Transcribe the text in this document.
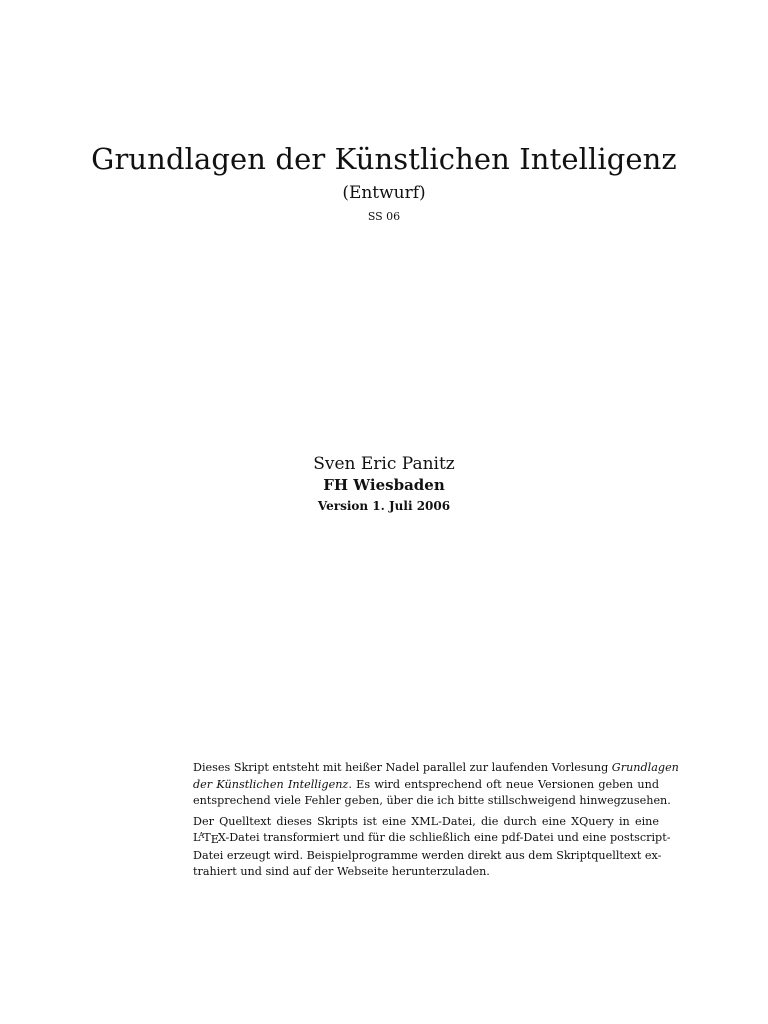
Grundlagen der Künstlichen Intelligenz
(Entwurf)
SS 06
Sven Eric Panitz
FH Wiesbaden
Version 1. Juli 2006

Dieses Skript entsteht mit heißer Nadel parallel zur laufenden Vorlesung Grundlagen
der Künstlichen Intelligenz. Es wird entsprechend oft neue Versionen geben und
entsprechend viele Fehler geben, über die ich bitte stillschweigend hinwegzusehen.

Der Quelltext dieses Skripts ist eine XML-Datei, die durch eine XQuery in eine
$L^ATEX$-Datei transformiert und für die schließlich eine pdf-Datei und eine postscript-
Datei erzeugt wird. Beispielprogramme werden direkt aus dem Skriptquelltext ex-
trahiert und sind auf der Webseite herunterzuladen.
